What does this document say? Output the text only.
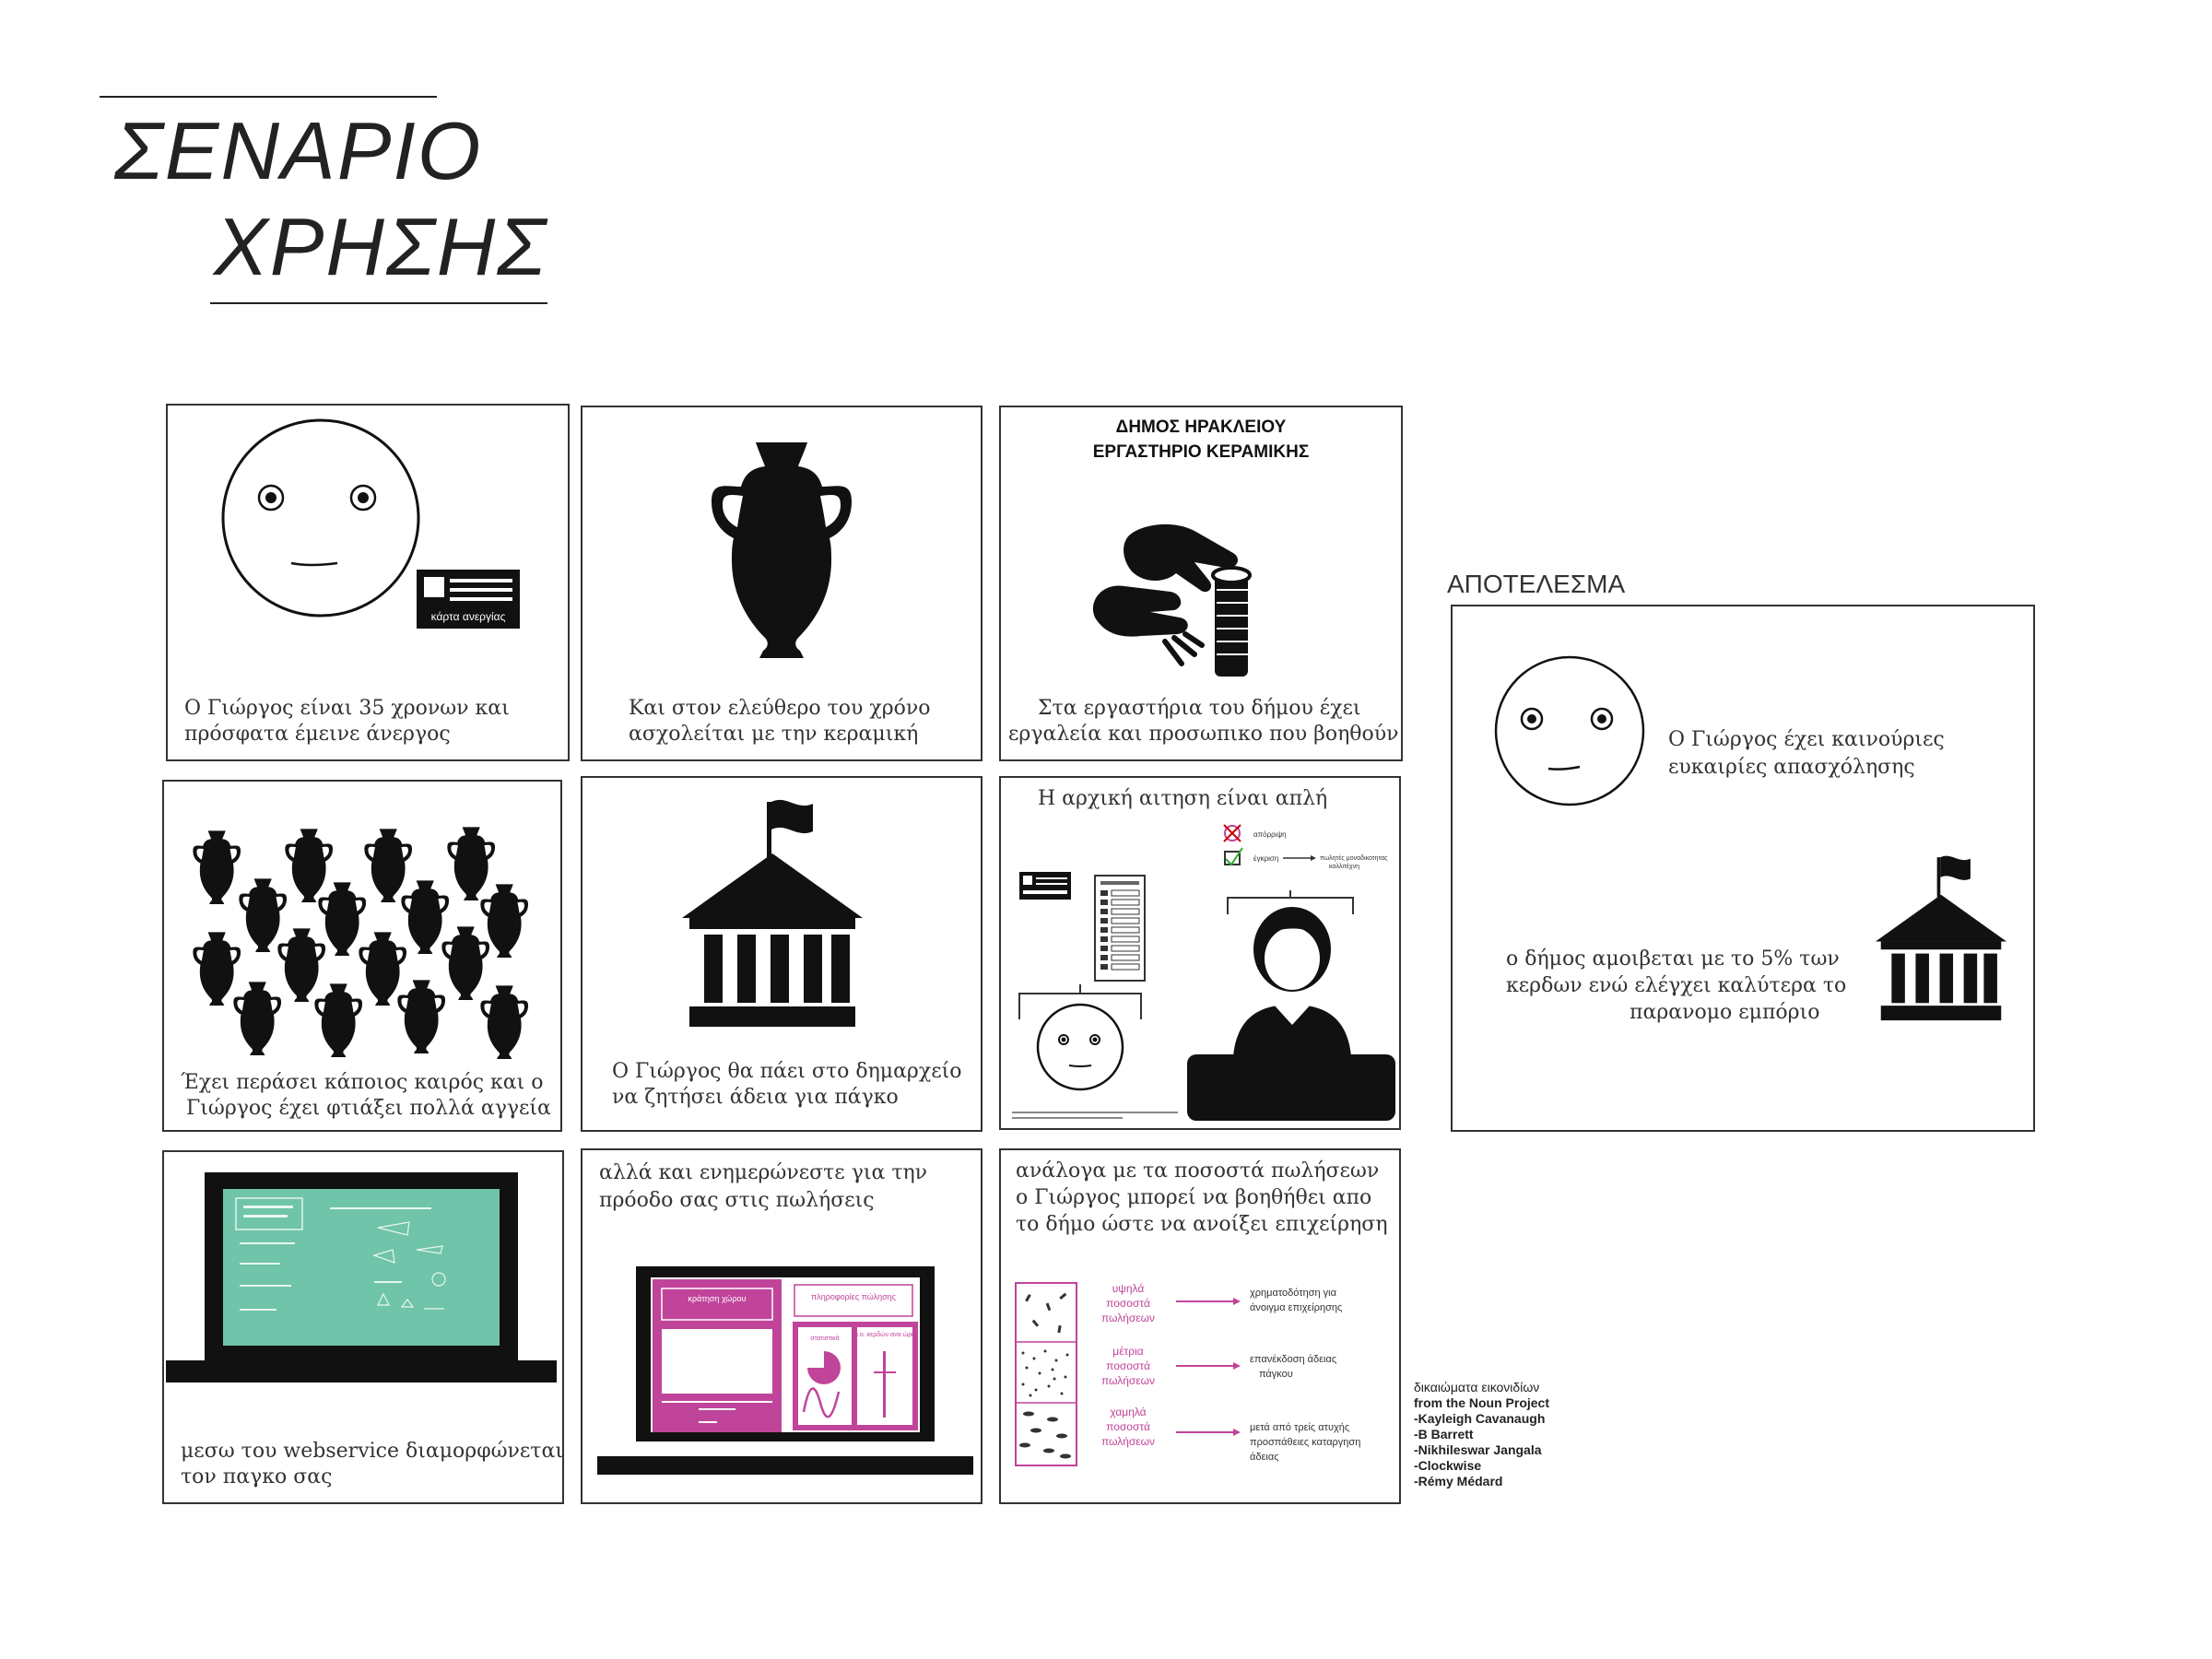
ΣΕΝΑΡΙΟ
ΧΡΗΣΗΣ
κάρτα ανεργίας
Ο Γιώργος είναι 35 χρονων και
πρόσφατα έμεινε άνεργος
Και στον ελεύθερο του χρόνο
ασχολείται με την κεραμική
ΔΗΜΟΣ ΗΡΑΚΛΕΙΟΥ
ΕΡΓΑΣΤΗΡΙΟ ΚΕΡΑΜΙΚΗΣ
Στα εργαστήρια του δήμου έχει
εργαλεία και προσωπικο που βοηθούν
Έχει περάσει κάποιος καιρός και ο
Γιώργος έχει φτιάξει πολλά αγγεία
Ο Γιώργος θα πάει στο δημαρχείο
να ζητήσει άδεια για πάγκο
Η αρχική αιτηση είναι απλή
απόρριψη
έγκριση	πωλητές μοναδικοτητας
καλλιτέχνη
μεσω του webservice διαμορφώνεται
τον παγκο σας
αλλά και ενημερώνεστε για την
πρόοδο σας στις πωλήσεις
κράτηση χώρου	πληροφορίες πώλησης
στατιστικά
μ.ο. κερδών ανα ώρα
ανάλογα με τα ποσοστά πωλήσεων
ο Γιώργος μπορεί να βοηθήθει απο
το δήμο ώστε να ανοίξει επιχείρηση
υψηλά
ποσοστά
πωλήσεων
μέτρια
ποσοστά
πωλήσεων
χαμηλά
ποσοστά
πωλήσεων
χρηματοδότηση για
άνοιγμα επιχείρησης
επανέκδοση άδειας
πάγκου
μετά από τρείς ατυχής
προσπάθειες καταργηση
άδειας
ΑΠΟΤΕΛΕΣΜΑ
Ο Γιώργος έχει καινούριες
ευκαιρίες απασχόλησης
ο δήμος αμοιβεται με το 5% των
κερδων ενώ ελέγχει καλύτερα το
παρανομο εμπόριο
δικαιώματα εικονιδίων
from the Noun Project
-Kayleigh Cavanaugh
-B Barrett
-Nikhileswar Jangala
-Clockwise
-Rémy Médard
